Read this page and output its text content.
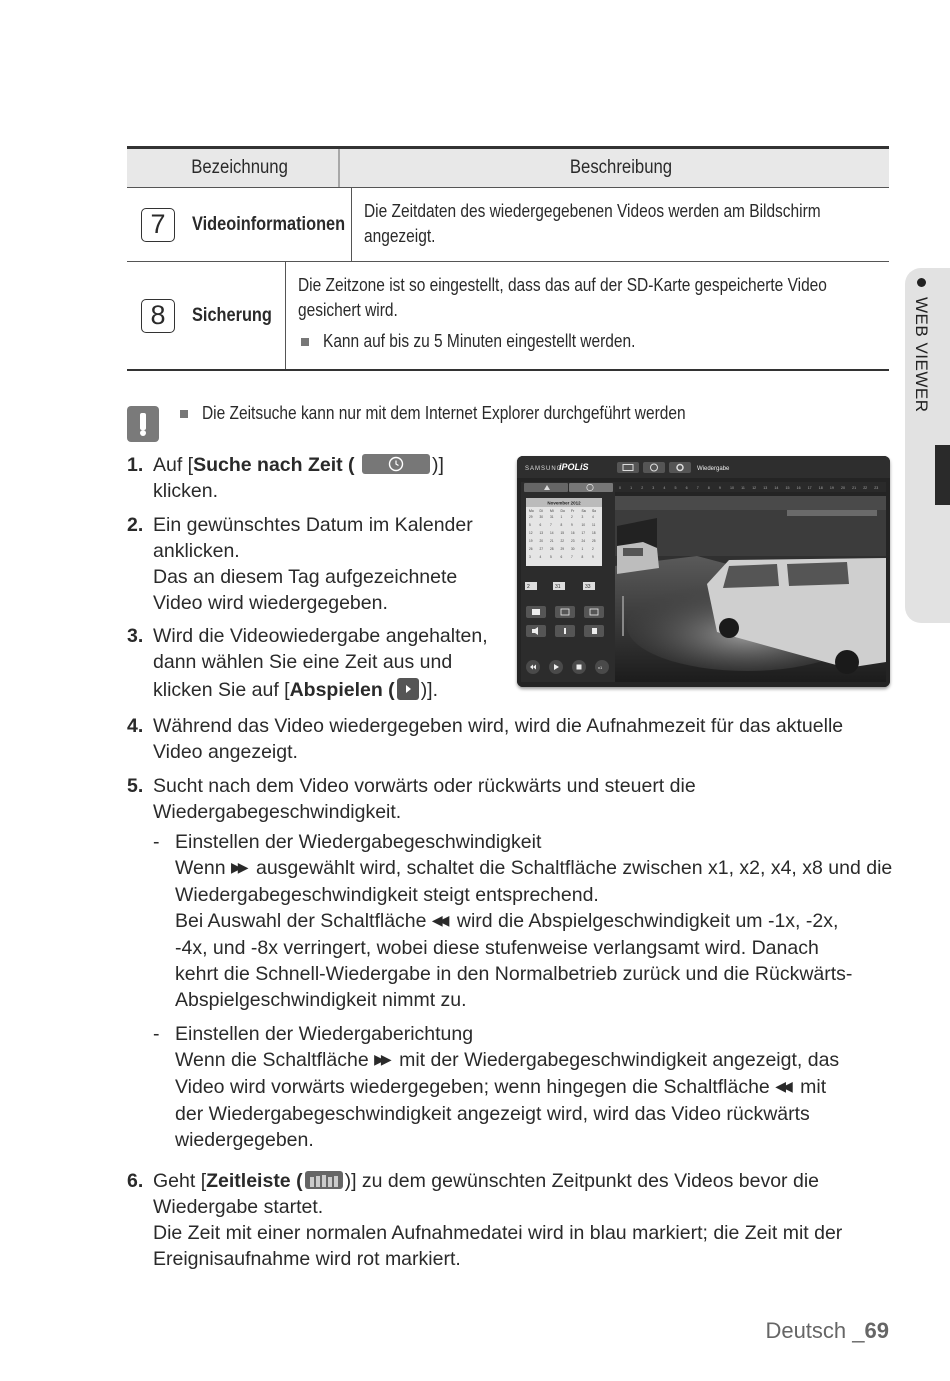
Bezeichnung	Beschreibung
7	Videoinformationen
Die Zeitdaten des wiedergegebenen Videos werden am Bildschirm
angezeigt.
8	Sicherung
Die Zeitzone ist so eingestellt, dass das auf der SD-Karte gespeicherte Video
gesichert wird.
Kann auf bis zu 5 Minuten eingestellt werden.
Die Zeitsuche kann nur mit dem Internet Explorer durchgeführt werden
1. Auf [Suche nach Zeit (	)]
klicken.
2. Ein gewünschtes Datum im Kalender
anklicken.
Das an diesem Tag aufgezeichnete
Video wird wiedergegeben.
3. Wird die Videowiedergabe angehalten,
dann wählen Sie eine Zeit aus und
klicken Sie auf [Abspielen ( )].
SAMSUNG
iPOLiS	Wiedergabe
November 2012
Mo Di Mi Do Fr Sa So
29 30 31 1	2	3	4
5	6	7	8	9	10 11
12 13 14 15 16 17 18
19 20 21 22 23 24 25
26 27 28 29 30 1	2
3	4	5	6	7	8	9
2	31	33
x1
0	1	2	3	4	5	6	7	8	9	10 11 12 13 14 15 16 17 18 19 20 21 22 23
4. Während das Video wiedergegeben wird, wird die Aufnahmezeit für das aktuelle
Video angezeigt.
5. Sucht nach dem Video vorwärts oder rückwärts und steuert die
Wiedergabegeschwindigkeit.
- Einstellen der Wiedergabegeschwindigkeit
Wenn ▶▶ ausgewählt wird, schaltet die Schaltfläche zwischen x1, x2, x4, x8 und die
Wiedergabegeschwindigkeit steigt entsprechend.
Bei Auswahl der Schaltfläche ◀◀ wird die Abspielgeschwindigkeit um -1x, -2x,
-4x, und -8x verringert, wobei diese stufenweise verlangsamt wird. Danach
kehrt die Schnell-Wiedergabe in den Normalbetrieb zurück und die Rückwärts-
Abspielgeschwindigkeit nimmt zu.
- Einstellen der Wiedergaberichtung
Wenn die Schaltfläche ▶▶ mit der Wiedergabegeschwindigkeit angezeigt, das
Video wird vorwärts wiedergegeben; wenn hingegen die Schaltfläche ◀◀ mit
der Wiedergabegeschwindigkeit angezeigt wird, wird das Video rückwärts
wiedergegeben.
6. Geht [Zeitleiste ( )] zu dem gewünschten Zeitpunkt des Videos bevor die
Wiedergabe startet.
Die Zeit mit einer normalen Aufnahmedatei wird in blau markiert; die Zeit mit der
Ereignisaufnahme wird rot markiert.
WEB VIEWER
Deutsch _69
